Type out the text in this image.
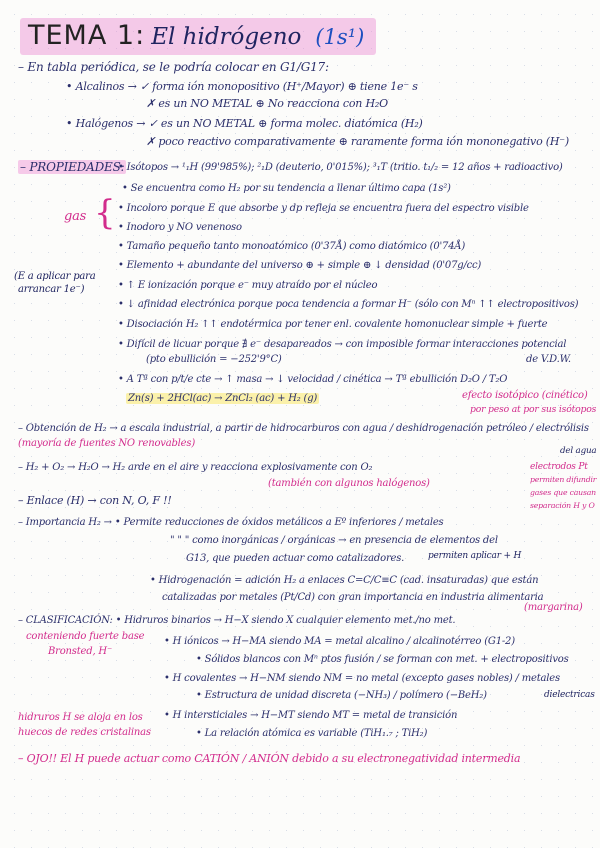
TEMA 1: El hidrógeno (1s¹)
– En tabla periódica, se le podría colocar en G1/G17:
• Alcalinos → ✓ forma ión monopositivo (H⁺/Mayor) ⊕ tiene 1e⁻ s
✗ es un NO METAL ⊕ No reacciona con H₂O
• Halógenos → ✓ es un NO METAL ⊕ forma molec. diatómica (H₂)
✗ poco reactivo comparativamente ⊕ raramente forma ión mononegativo (H⁻)
– PROPIEDADES:
• Isótopos → ¹₁H (99'985%); ²₁D (deuterio, 0'015%); ³₁T (tritio. t₁/₂ = 12 años + radioactivo)
• Se encuentra como H₂ por su tendencia a llenar último capa (1s²)
gas { • Incoloro porque E que absorbe y dp refleja se encuentra fuera del espectro visible
• Inodoro y NO venenoso
• Tamaño pequeño tanto monoatómico (0'37Å) como diatómico (0'74Å)
• Elemento + abundante del universo ⊕ + simple ⊕ ↓ densidad (0'07g/cc)
(E a aplicar para
arrancar 1e⁻)	• ↑ E ionización porque e⁻ muy atraído por el núcleo
• ↓ afinidad electrónica porque poca tendencia a formar H⁻ (sólo con Mⁿ ↑↑ electropositivos)
• Disociación H₂ ↑↑ endotérmica por tener enl. covalente homonuclear simple + fuerte
• Difícil de licuar porque ∄ e⁻ desapareados → con imposible formar interacciones potencial
(pto ebullición = −252'9°C)	de V.D.W.
• A Tª con p/t/e cte → ↑ masa → ↓ velocidad / cinética → Tª ebullición D₂O / T₂O
efecto isotópico (cinético)
por peso at por sus isótopos
Zn(s) + 2HCl(ac) → ZnCl₂ (ac) + H₂ (g)
– Obtención de H₂ → a escala industrial, a partir de hidrocarburos con agua / deshidrogenación petróleo / electrólisis
(mayoría de fuentes NO renovables)
del agua
– H₂ + O₂ → H₂O → H₂ arde en el aire y reacciona explosivamente con O₂
(también con algunos halógenos)
electrodos Pt
permiten difundir
gases que causan
separación H y O
– Enlace (H) → con N, O, F !!
– Importancia H₂ → • Permite reducciones de óxidos metálicos a Eº inferiores / metales
" " " como inorgánicas / orgánicas → en presencia de elementos del
G13, que pueden actuar como catalizadores.	permiten aplicar + H
• Hidrogenación = adición H₂ a enlaces C=C/C≡C (cad. insaturadas) que están
catalizadas por metales (Pt/Cd) con gran importancia en industria alimentaria
(margarina)
– CLASIFICACIÓN: • Hidruros binarios → H−X siendo X cualquier elemento met./no met.
conteniendo fuerte base
Bronsted, H⁻
• H iónicos → H−MA siendo MA = metal alcalino / alcalinotérreo (G1-2)
• Sólidos blancos con Mⁿ ptos fusión / se forman con met. + electropositivos
• H covalentes → H−NM siendo NM = no metal (excepto gases nobles) / metales
• Estructura de unidad discreta (−NH₃) / polímero (−BeH₂)	dielectricas
hidruros H se aloja en los
huecos de redes cristalinas
• H intersticiales → H−MT siendo MT = metal de transición
• La relación atómica es variable (TiH₁.₇ ; TiH₂)
– OJO!! El H puede actuar como CATIÓN / ANIÓN debido a su electronegatividad intermedia
